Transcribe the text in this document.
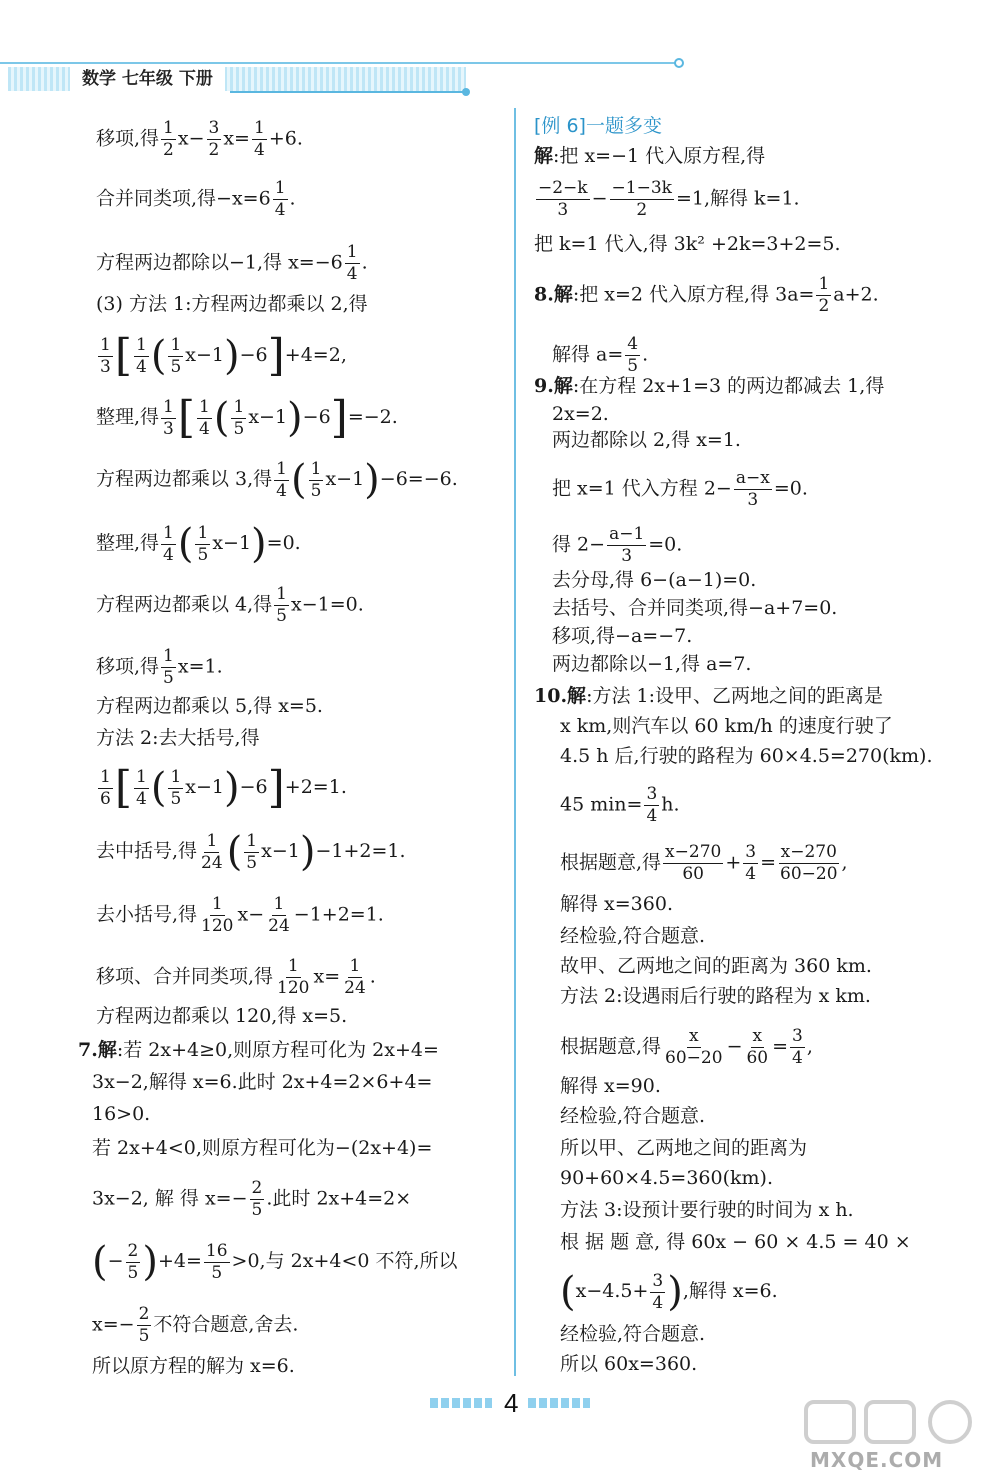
数学 七年级 下册
移项,得 $\frac{1}{2} x- \frac{3}{2} x= \frac{1}{4} +6$.
合并同类项,得$-x=6 \frac{1}{4}$ .
方程两边都除以−1,得 $x=-6 \frac{1}{4}$ .
(3) 方法 1:方程两边都乘以 2,得
$\frac{1}{3}$ [ $\frac{1}{4}$ ( $\frac{1}{5} x-1)-6]+4=2$,
整理,得 $\frac{1}{3}$ [ $\frac{1}{4}$ ( $\frac{1}{5} x-1)-6]=-2$.
方程两边都乘以 3,得 $\frac{1}{4}$ ( $\frac{1}{5} x-1)-6=-6$.
整理,得 $\frac{1}{4}$ ( $\frac{1}{5} x-1)=0$.
方程两边都乘以 4,得 $\frac{1}{5} x-1=0$.
移项,得 $\frac{1}{5} x=1$.
方程两边都乘以 5,得 x=5.
方法 2:去大括号,得
$\frac{1}{6}$ [ $\frac{1}{4}$ ( $\frac{1}{5} x-1)-6]+2=1$.
去中括号,得 $\frac{1}{24}$ ( $\frac{1}{5} x-1)-1+2=1$.
去小括号,得 $\frac{1}{120} x- \frac{1}{24} -1+2=1$.
移项、合并同类项,得 $\frac{1}{120} x= \frac{1}{24}$ .
方程两边都乘以 120,得 x=5.
7.解:若 2x+4≥0,则原方程可化为 2x+4=
3x−2,解得 x=6.此时 2x+4=2×6+4=
16>0.
若 2x+4<0,则原方程可化为−(2x+4)=
3x−2, 解 得 $x=- \frac{2}{5}$ .此时 2x+4=2×
(− $\frac{2}{5} )+4= \frac{16}{5} >0$,与 2x+4<0 不符,所以
$x=- \frac{2}{5}$ 不符合题意,舍去.
所以原方程的解为 x=6.
[例 6]一题多变
解:把 x=−1 代入原方程,得
$\frac{-2-k}{3} - \frac{-1-3k}{2} =1$,解得 k=1.
把 k=1 代入,得 3k² +2k=3+2=5.
8.解:把 x=2 代入原方程,得 $3a= \frac{1}{2} a+2$.
解得 $a= \frac{4}{5}$ .
9.解:在方程 2x+1=3 的两边都减去 1,得
2x=2.
两边都除以 2,得 x=1.
把 x=1 代入方程 $2- \frac{a-x}{3} =0$.
得 $2- \frac{a-1}{3} =0$.
去分母,得 6−(a−1)=0.
去括号、合并同类项,得−a+7=0.
移项,得−a=−7.
两边都除以−1,得 a=7.
10.解:方法 1:设甲、乙两地之间的距离是
x km,则汽车以 60 km/h 的速度行驶了
4.5 h 后,行驶的路程为 60×4.5=270(km).
45 $\min= \frac{3}{4} h$.
根据题意,得 $\frac{x-270}{60} + \frac{3}{4} = \frac{x-270}{60-20}$ ,
解得 x=360.
经检验,符合题意.
故甲、乙两地之间的距离为 360 km.
方法 2:设遇雨后行驶的路程为 x km.
根据题意,得 $\frac{x}{60-20} - \frac{x}{60} = \frac{3}{4}$ ,
解得 x=90.
经检验,符合题意.
所以甲、乙两地之间的距离为
90+60×4.5=360(km).
方法 3:设预计要行驶的时间为 x h.
根 据 题 意, 得 60x − 60 × 4.5 = 40 ×
($x-4.5+ \frac{3}{4}$ ),解得 x=6.
经检验,符合题意.
所以 60x=360.
4
MXQE.COM
